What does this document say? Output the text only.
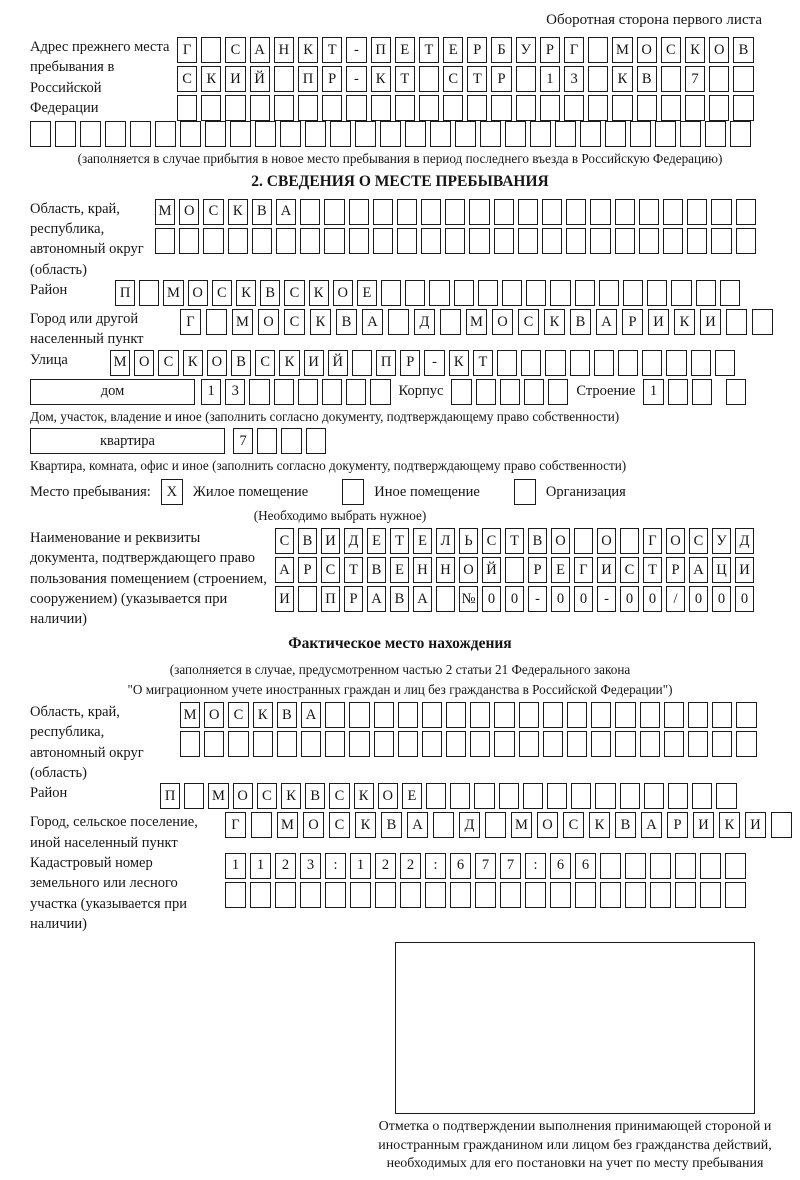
Оборотная сторона первого листа
Адрес прежнего места пребывания в Российской Федерации
Г	С А Н К	Т	-	П	Е	Т	Е	Р	Б	У	Р	Г	М О С	К О В
С	К И Й	П	Р	-	К	Т	С	Т	Р	1	3	К	В	7
(заполняется в случае прибытия в новое место пребывания в период последнего въезда в Российскую Федерацию)
2. СВЕДЕНИЯ О МЕСТЕ ПРЕБЫВАНИЯ
Область, край, республика, автономный округ (область)
М О С	К	В А
Район	П	М О С	К	В	С	К О	Е
Город или другой населенный пункт
Г	М О	С	К	В	А	Д	М О	С	К	В	А	Р	И	К	И
Улица	М О С	К О В	С	К И Й	П	Р	-	К	Т
дом	1	3	Корпус	Строение 1
Дом, участок, владение и иное (заполнить согласно документу, подтверждающему право собственности)
квартира	7
Квартира, комната, офис и иное (заполнить согласно документу, подтверждающему право собственности)
Место пребывания:	X	Жилое помещение	Иное помещение	Организация
(Необходимо выбрать нужное)
Наименование и реквизиты документа, подтверждающего право пользования помещением (строением, сооружением) (указывается при наличии)
С В И Д Е Т Е Л Ь С Т В О О	Г О С У Д
А Р С Т В Е Н Н О Й	Р	Е Г И С Т	Р А Ц И
И П Р А В А № 0	0	-	0	0	-	0	0	/	0	0	0
Фактическое место нахождения
(заполняется в случае, предусмотренном частью 2 статьи 21 Федерального закона
"О миграционном учете иностранных граждан и лиц без гражданства в Российской Федерации")
Область, край, республика, автономный округ (область)
М О С	К	В А
Район	П	М О С	К	В	С	К О	Е
Город, сельское поселение, иной населенный пункт
Г	М О	С	К	В	А	Д	М О	С	К	В	А	Р	И	К	И
Кадастровый номер земельного или лесного участка (указывается при наличии)
1	1	2	3	:	1	2	2	:	6	7	7	:	6	6
Отметка о подтверждении выполнения принимающей стороной и иностранным гражданином или лицом без гражданства действий, необходимых для его постановки на учет по месту пребывания
